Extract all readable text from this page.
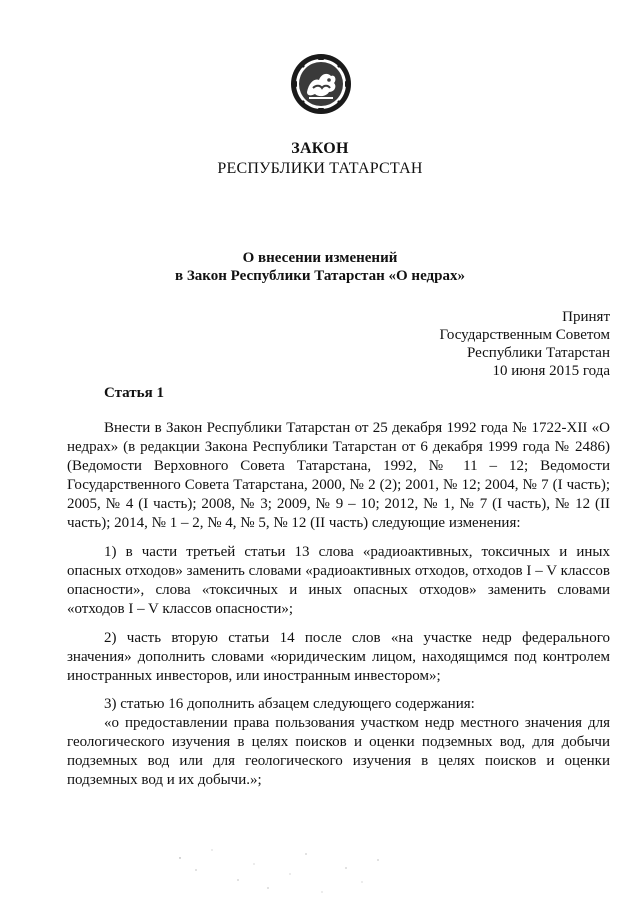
ЗАКОН
РЕСПУБЛИКИ ТАТАРСТАН
О внесении изменений
в Закон Республики Татарстан «О недрах»
Принят
Государственным Советом
Республики Татарстан
10 июня 2015 года
Статья 1

Внести в Закон Республики Татарстан от 25 декабря 1992 года № 1722-XII «О недрах» (в редакции Закона Республики Татарстан от 6 декабря 1999 года № 2486) (Ведомости Верховного Совета Татарстана, 1992, № 11 – 12; Ведомости Государственного Совета Татарстана, 2000, № 2 (2); 2001, № 12; 2004, № 7 (I часть); 2005, № 4 (I часть); 2008, № 3; 2009, № 9 – 10; 2012, № 1, № 7 (I часть), № 12 (II часть); 2014, № 1 – 2, № 4, № 5, № 12 (II часть) следующие изменения:

1) в части третьей статьи 13 слова «радиоактивных, токсичных и иных опасных отходов» заменить словами «радиоактивных отходов, отходов I – V классов опасности», слова «токсичных и иных опасных отходов» заменить словами «отходов I – V классов опасности»;

2) часть вторую статьи 14 после слов «на участке недр федерального значения» дополнить словами «юридическим лицом, находящимся под контролем иностранных инвесторов, или иностранным инвестором»;

3) статью 16 дополнить абзацем следующего содержания:

«о предоставлении права пользования участком недр местного значения для геологического изучения в целях поисков и оценки подземных вод, для добычи подземных вод или для геологического изучения в целях поисков и оценки подземных вод и их добычи.»;
